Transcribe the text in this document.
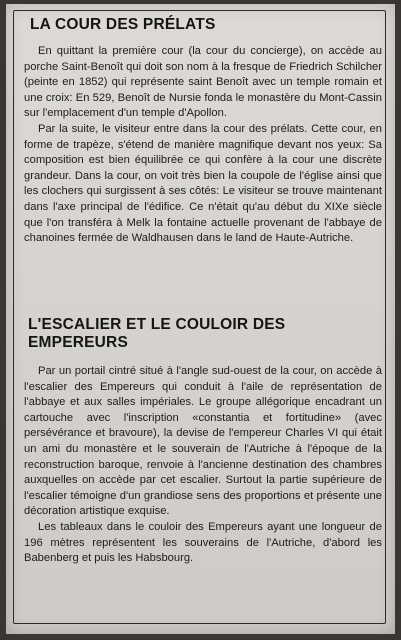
LA COUR DES PRÉLATS

En quittant la première cour (la cour du concierge), on accède au porche Saint-Benoît qui doit son nom à la fresque de Friedrich Schilcher (peinte en 1852) qui représente saint Benoît avec un temple romain et une croix: En 529, Benoît de Nursie fonda le monastère du Mont-Cassin sur l'emplacement d'un temple d'Apollon.

Par la suite, le visiteur entre dans la cour des prélats. Cette cour, en forme de trapèze, s'étend de manière magnifique devant nos yeux: Sa composition est bien équilibrée ce qui confère à la cour une discrète grandeur. Dans la cour, on voit très bien la coupole de l'église ainsi que les clochers qui surgissent à ses côtés: Le visiteur se trouve maintenant dans l'axe principal de l'édifice. Ce n'était qu'au début du XIXe siècle que l'on transféra à Melk la fontaine actuelle provenant de l'abbaye de chanoines fermée de Waldhausen dans le land de Haute-Autriche.

L'ESCALIER ET LE COULOIR DES EMPEREURS

Par un portail cintré situé à l'angle sud-ouest de la cour, on accède à l'escalier des Empereurs qui conduit à l'aile de représentation de l'abbaye et aux salles impériales. Le groupe allégorique encadrant un cartouche avec l'inscription «constantia et fortitudine» (avec persévérance et bravoure), la devise de l'empereur Charles VI qui était un ami du monastère et le souverain de l'Autriche à l'époque de la reconstruction baroque, renvoie à l'ancienne destination des chambres auxquelles on accède par cet escalier. Surtout la partie supérieure de l'escalier témoigne d'un grandiose sens des proportions et présente une décoration artistique exquise.

Les tableaux dans le couloir des Empereurs ayant une longueur de 196 mètres représentent les souverains de l'Autriche, d'abord les Babenberg et puis les Habsbourg.
